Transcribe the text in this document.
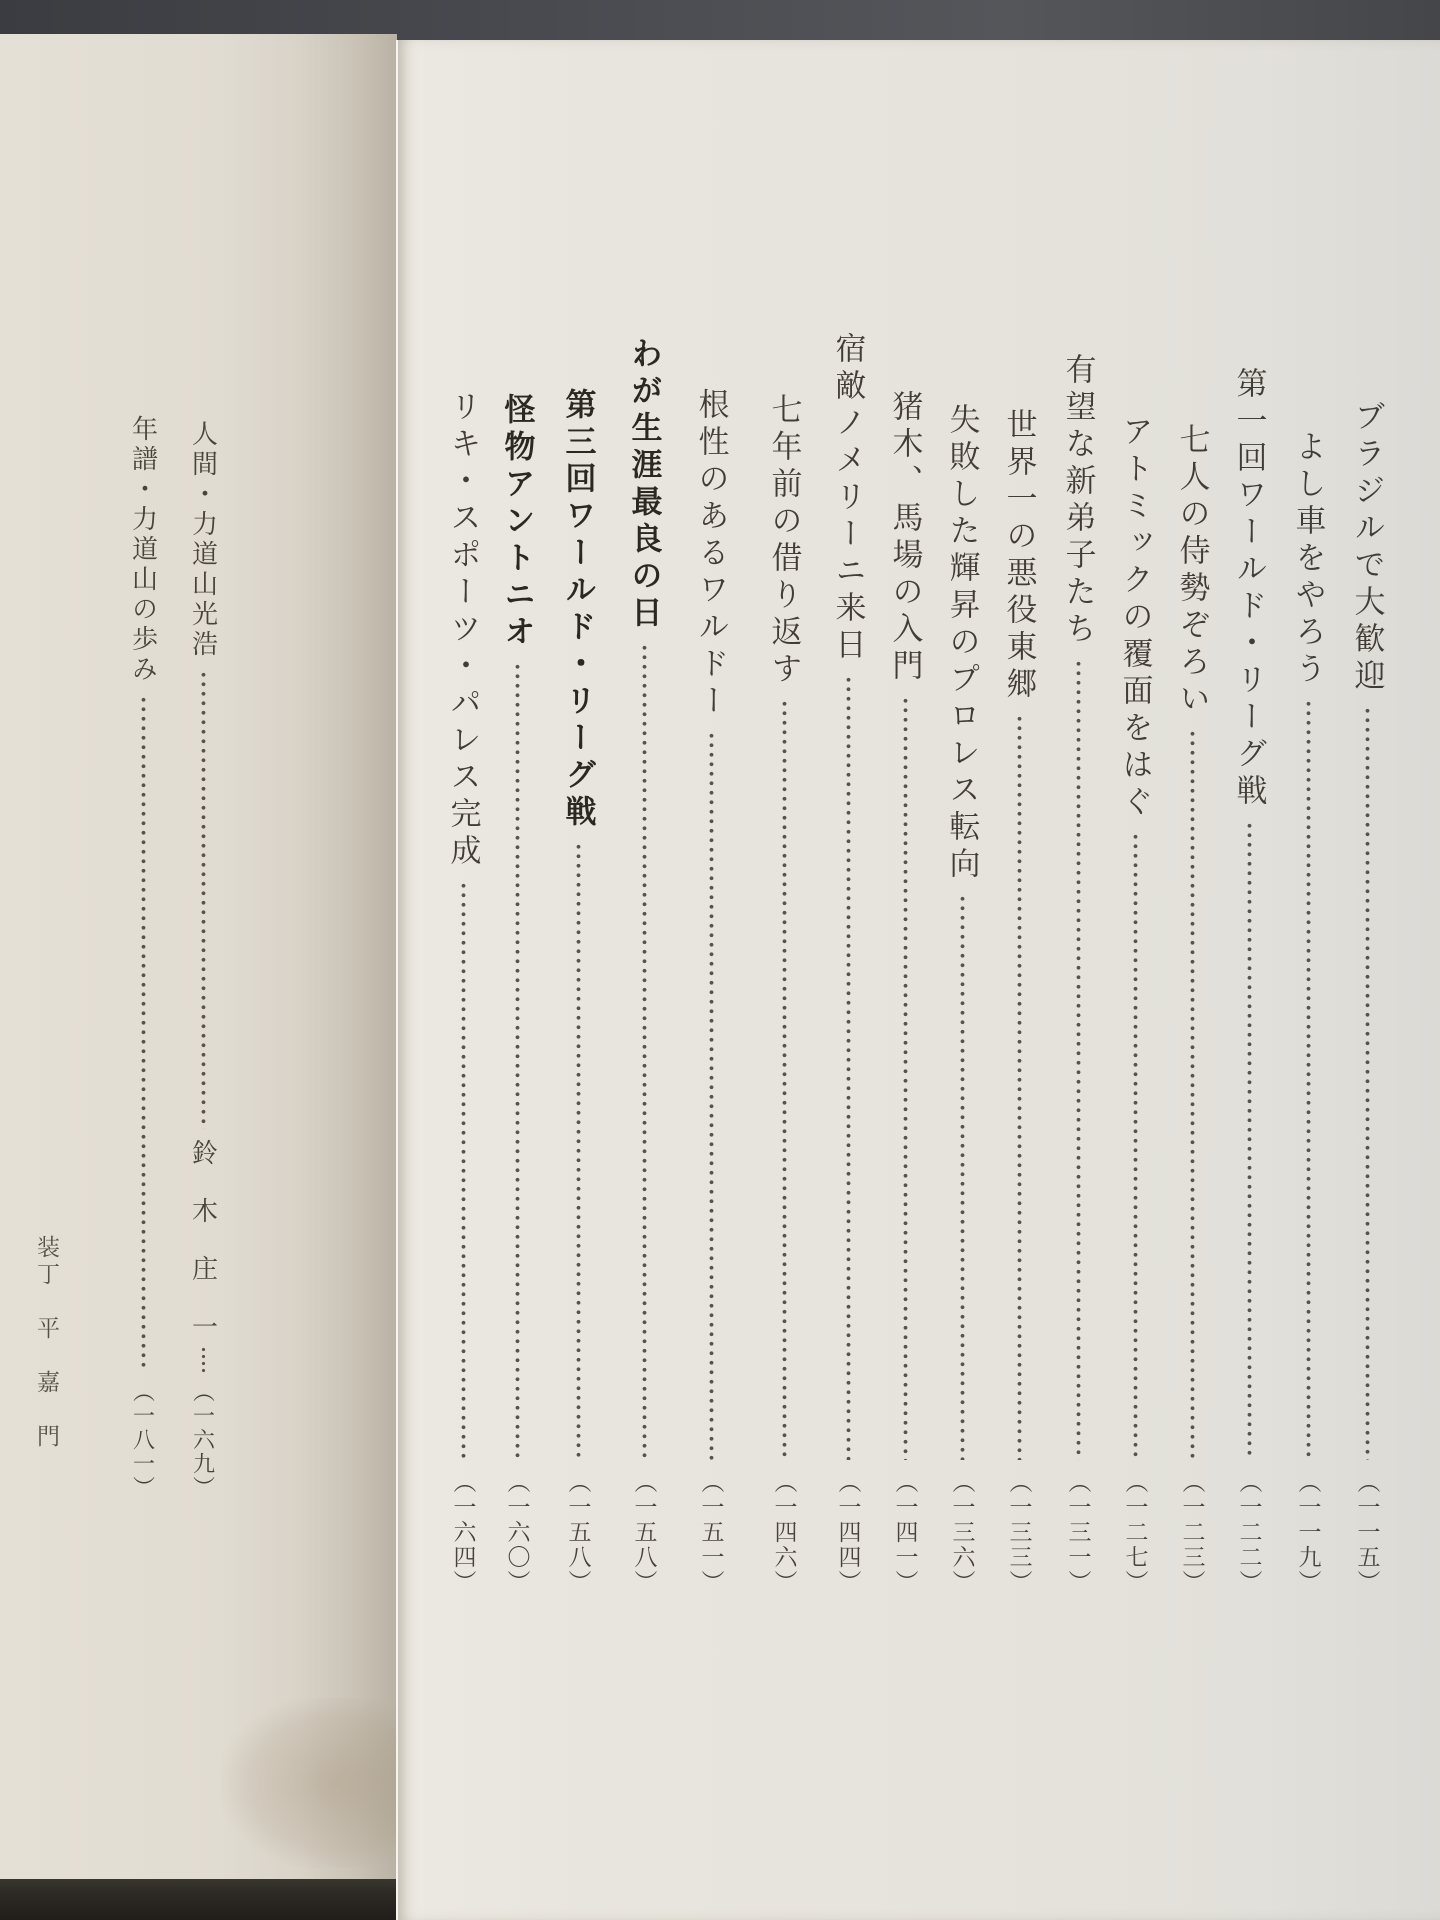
ブラジルで大歓迎
（一一五）
よし車をやろう
（一一九）
第一回ワールド・リーグ戦
（一二二）
七人の侍勢ぞろい
（一二三）
アトミックの覆面をはぐ
（一二七）
有望な新弟子たち
（一三一）
世界一の悪役東郷
（一三三）
失敗した輝昇のプロレス転向
（一三六）
猪木、馬場の入門
（一四一）
宿敵ノメリーニ来日
（一四四）
七年前の借り返す
（一四六）
根性のあるワルドー
（一五一）
わが生涯最良の日
（一五八）
第三回ワールド・リーグ戦
（一五八）
怪物アントニオ
（一六〇）
リキ・スポーツ・パレス完成
（一六四）
人間・力道山光浩
鈴　木　庄　一
（一六九）
年譜・力道山の歩み
（一八一）
装丁　平　嘉　門
